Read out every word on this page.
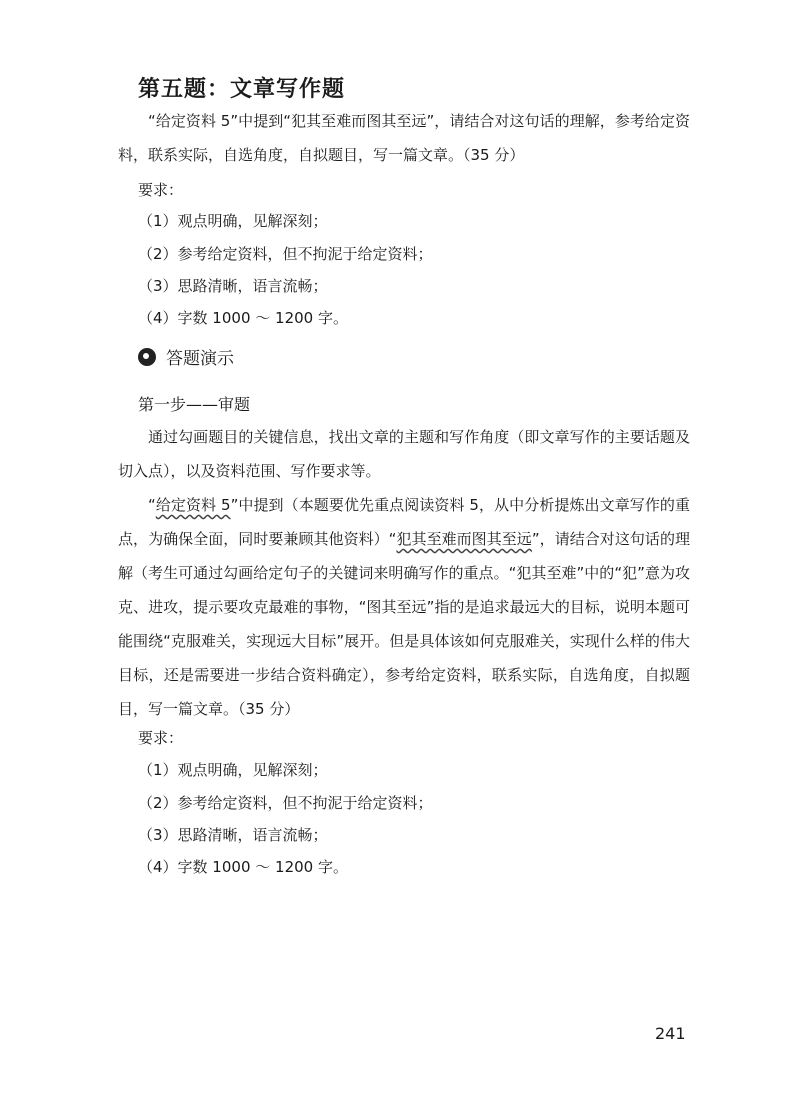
第五题：文章写作题
“给定资料 5”中提到“犯其至难而图其至远”，请结合对这句话的理解，参考给定资料，联系实际，自选角度，自拟题目，写一篇文章。（35 分）
要求：
（1）观点明确，见解深刻；
（2）参考给定资料，但不拘泥于给定资料；
（3）思路清晰，语言流畅；
（4）字数 1000 ～ 1200 字。
答题演示
第一步——审题
通过勾画题目的关键信息，找出文章的主题和写作角度（即文章写作的主要话题及切入点），以及资料范围、写作要求等。
“给定资料 5”中提到（本题要优先重点阅读资料 5，从中分析提炼出文章写作的重点，为确保全面，同时要兼顾其他资料）“犯其至难而图其至远”，请结合对这句话的理解（考生可通过勾画给定句子的关键词来明确写作的重点。“犯其至难”中的“犯”意为攻克、进攻，提示要攻克最难的事物，“图其至远”指的是追求最远大的目标，说明本题可能围绕“克服难关，实现远大目标”展开。但是具体该如何克服难关，实现什么样的伟大目标，还是需要进一步结合资料确定），参考给定资料，联系实际，自选角度，自拟题目，写一篇文章。（35 分）
要求：
（1）观点明确，见解深刻；
（2）参考给定资料，但不拘泥于给定资料；
（3）思路清晰，语言流畅；
（4）字数 1000 ～ 1200 字。
241
